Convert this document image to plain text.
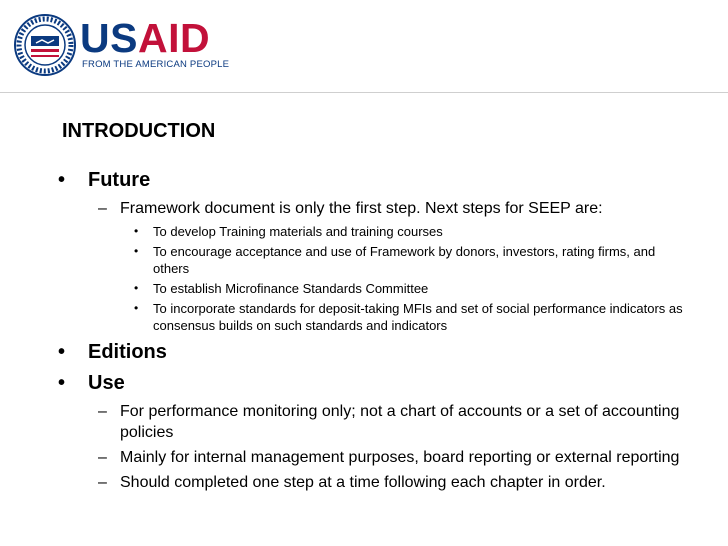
USAID
FROM THE AMERICAN PEOPLE
INTRODUCTION
• Future
– Framework document is only the first step. Next steps for SEEP are:
• To develop Training materials and training courses
• To encourage acceptance and use of Framework by donors, investors, rating firms, and others
• To establish Microfinance Standards Committee
• To incorporate standards for deposit-taking MFIs and set of social performance indicators as consensus builds on such standards and indicators
• Editions
• Use
– For performance monitoring only; not a chart of accounts or a set of accounting policies
– Mainly for internal management purposes, board reporting or external reporting
– Should completed one step at a time following each chapter in order.
